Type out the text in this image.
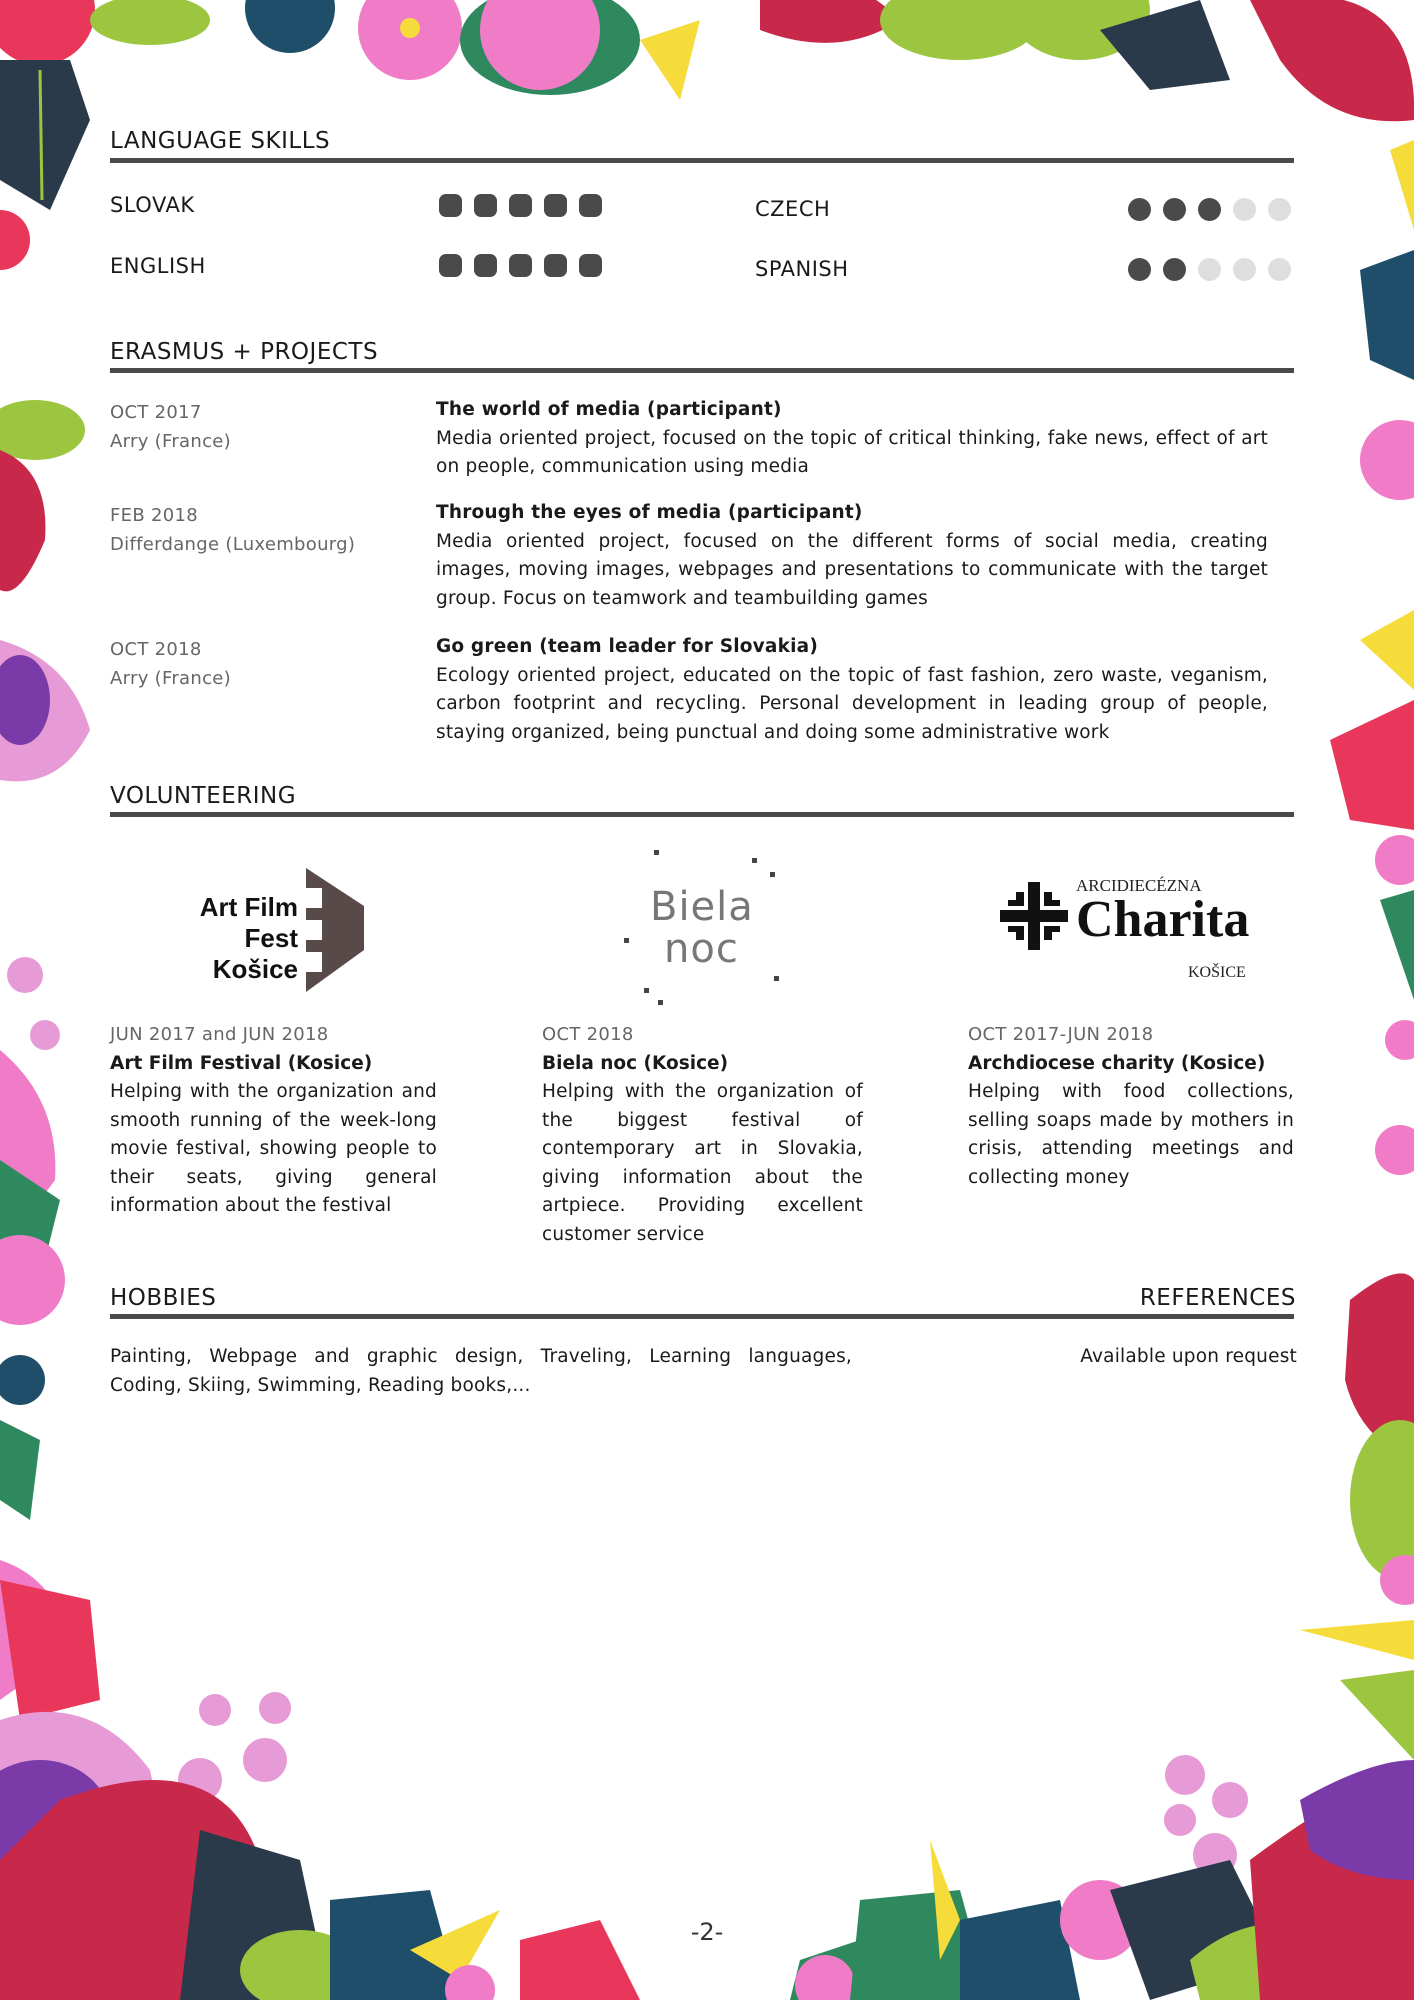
LANGUAGE SKILLS
SLOVAK	CZECH
ENGLISH	SPANISH
ERASMUS + PROJECTS
OCT 2017
Arry (France)
The world of media (participant)
Media oriented project, focused on the topic of critical thinking, fake news, effect of art on people, communication using media
FEB 2018
Differdange (Luxembourg)
Through the eyes of media (participant)
Media oriented project, focused on the different forms of social media, creating images, moving images, webpages and presentations to communicate with the target group. Focus on teamwork and teambuilding games
OCT 2018
Arry (France)
Go green (team leader for Slovakia)
Ecology oriented project, educated on the topic of fast fashion, zero waste, veganism, carbon footprint and recycling. Personal development in leading group of people, staying organized, being punctual and doing some administrative work
VOLUNTEERING
Art Film
Fest
Košice
Biela
noc
ARCIDIECÉZNA
Charita
KOŠICE
JUN 2017 and JUN 2018
Art Film Festival (Kosice)
Helping with the organization and smooth running of the week-long movie festival, showing people to their seats, giving general information about the festival
OCT 2018
Biela noc (Kosice)
Helping with the organization of the biggest festival of contemporary art in Slovakia, giving information about the artpiece. Providing excellent customer service
OCT 2017-JUN 2018
Archdiocese charity (Kosice)
Helping with food collections, selling soaps made by mothers in crisis, attending meetings and collecting money
HOBBIES	REFERENCES
Painting, Webpage and graphic design, Traveling, Learning languages, Coding, Skiing, Swimming, Reading books,...
Available upon request
-2-
